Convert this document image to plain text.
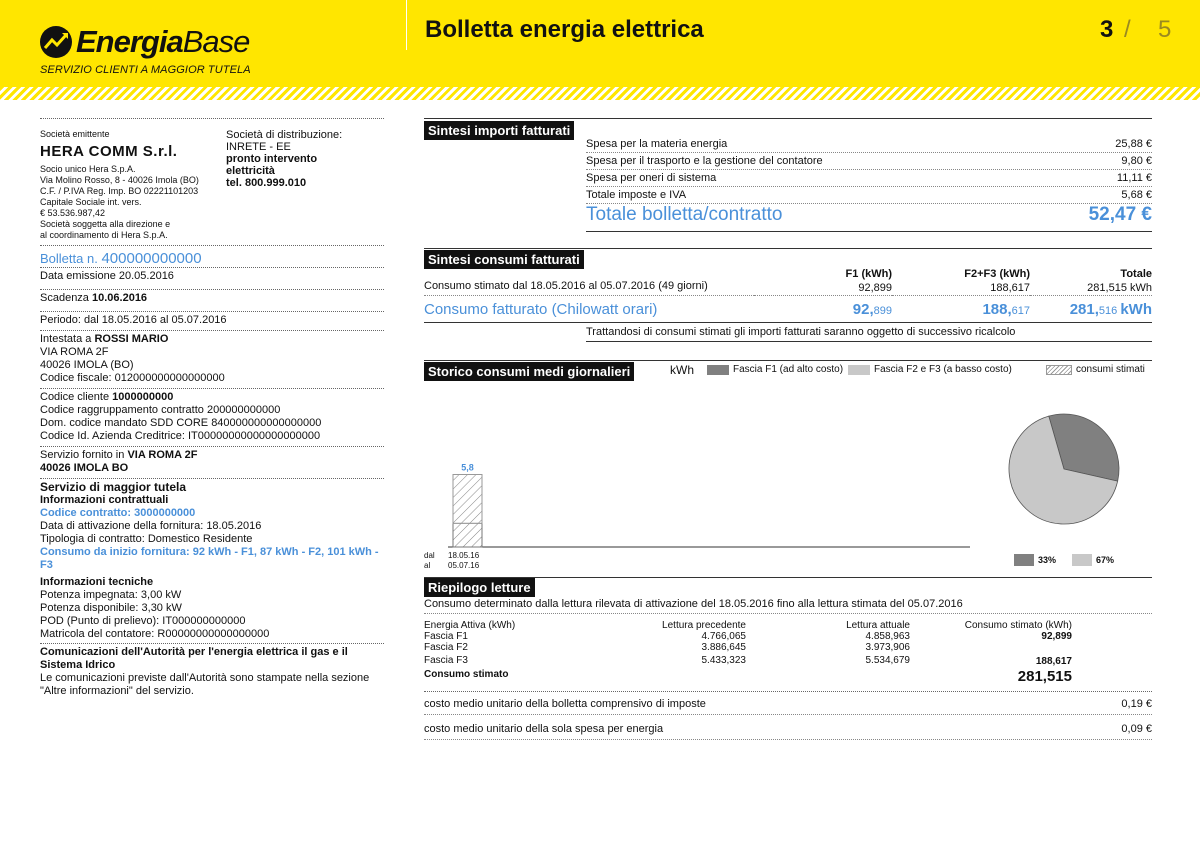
EnergiaBase
SERVIZIO CLIENTI A MAGGIOR TUTELA
Bolletta energia elettrica	3 / 5
Società emittente
HERA COMM S.r.l.
Socio unico Hera S.p.A.
Via Molino Rosso, 8 - 40026 Imola (BO)
C.F. / P.IVA Reg. Imp. BO 02221101203
Capitale Sociale int. vers.
€ 53.536.987,42
Società soggetta alla direzione e
al coordinamento di Hera S.p.A.
Società di distribuzione:
INRETE - EE
pronto intervento
elettricità
tel. 800.999.010
Bolletta n. 400000000000
Data emissione 20.05.2016
Scadenza 10.06.2016
Periodo: dal 18.05.2016 al 05.07.2016
Intestata a ROSSI MARIO
VIA ROMA 2F
40026 IMOLA (BO)
Codice fiscale: 012000000000000000
Codice cliente 1000000000
Codice raggruppamento contratto 200000000000
Dom. codice mandato SDD CORE 840000000000000000
Codice Id. Azienda Creditrice: IT00000000000000000000
Servizio fornito in VIA ROMA 2F
40026 IMOLA BO
Servizio di maggior tutela
Informazioni contrattuali
Codice contratto: 3000000000
Data di attivazione della fornitura: 18.05.2016
Tipologia di contratto: Domestico Residente
Consumo da inizio fornitura: 92 kWh - F1, 87 kWh - F2, 101 kWh - F3
Informazioni tecniche
Potenza impegnata: 3,00 kW
Potenza disponibile: 3,30 kW
POD (Punto di prelievo): IT000000000000
Matricola del contatore: R00000000000000000
Comunicazioni dell'Autorità per l'energia elettrica il gas e il Sistema Idrico
Le comunicazioni previste dall'Autorità sono stampate nella sezione "Altre informazioni" del servizio.
Sintesi importi fatturati
Spesa per la materia energia	25,88 €
Spesa per il trasporto e la gestione del contatore	9,80 €
Spesa per oneri di sistema	11,11 €
Totale imposte e IVA	5,68 €
Totale bolletta/contratto	52,47 €
Sintesi consumi fatturati
	F1 (kWh)	F2+F3 (kWh)	Totale
Consumo stimato dal 18.05.2016 al 05.07.2016 (49 giorni)	92,899	188,617	281,515 kWh
Consumo fatturato (Chilowatt orari)	92,899	188,617	281,516 kWh
Trattandosi di consumi stimati gli importi fatturati saranno oggetto di successivo ricalcolo
Storico consumi medi giornalieri	kWh	Fascia F1 (ad alto costo)	Fascia F2 e F3 (a basso costo)	consumi stimati
5,8
dal 18.05.16
al 05.07.16
33%	67%
Riepilogo letture
Consumo determinato dalla lettura rilevata di attivazione del 18.05.2016 fino alla lettura stimata del 05.07.2016
Energia Attiva (kWh)	Lettura precedente	Lettura attuale	Consumo stimato (kWh)
Fascia F1	4.766,065	4.858,963	92,899
Fascia F2	3.886,645	3.973,906	
Fascia F3	5.433,323	5.534,679	188,617
Consumo stimato			281,515
costo medio unitario della bolletta comprensivo di imposte	0,19 €
costo medio unitario della sola spesa per energia	0,09 €
